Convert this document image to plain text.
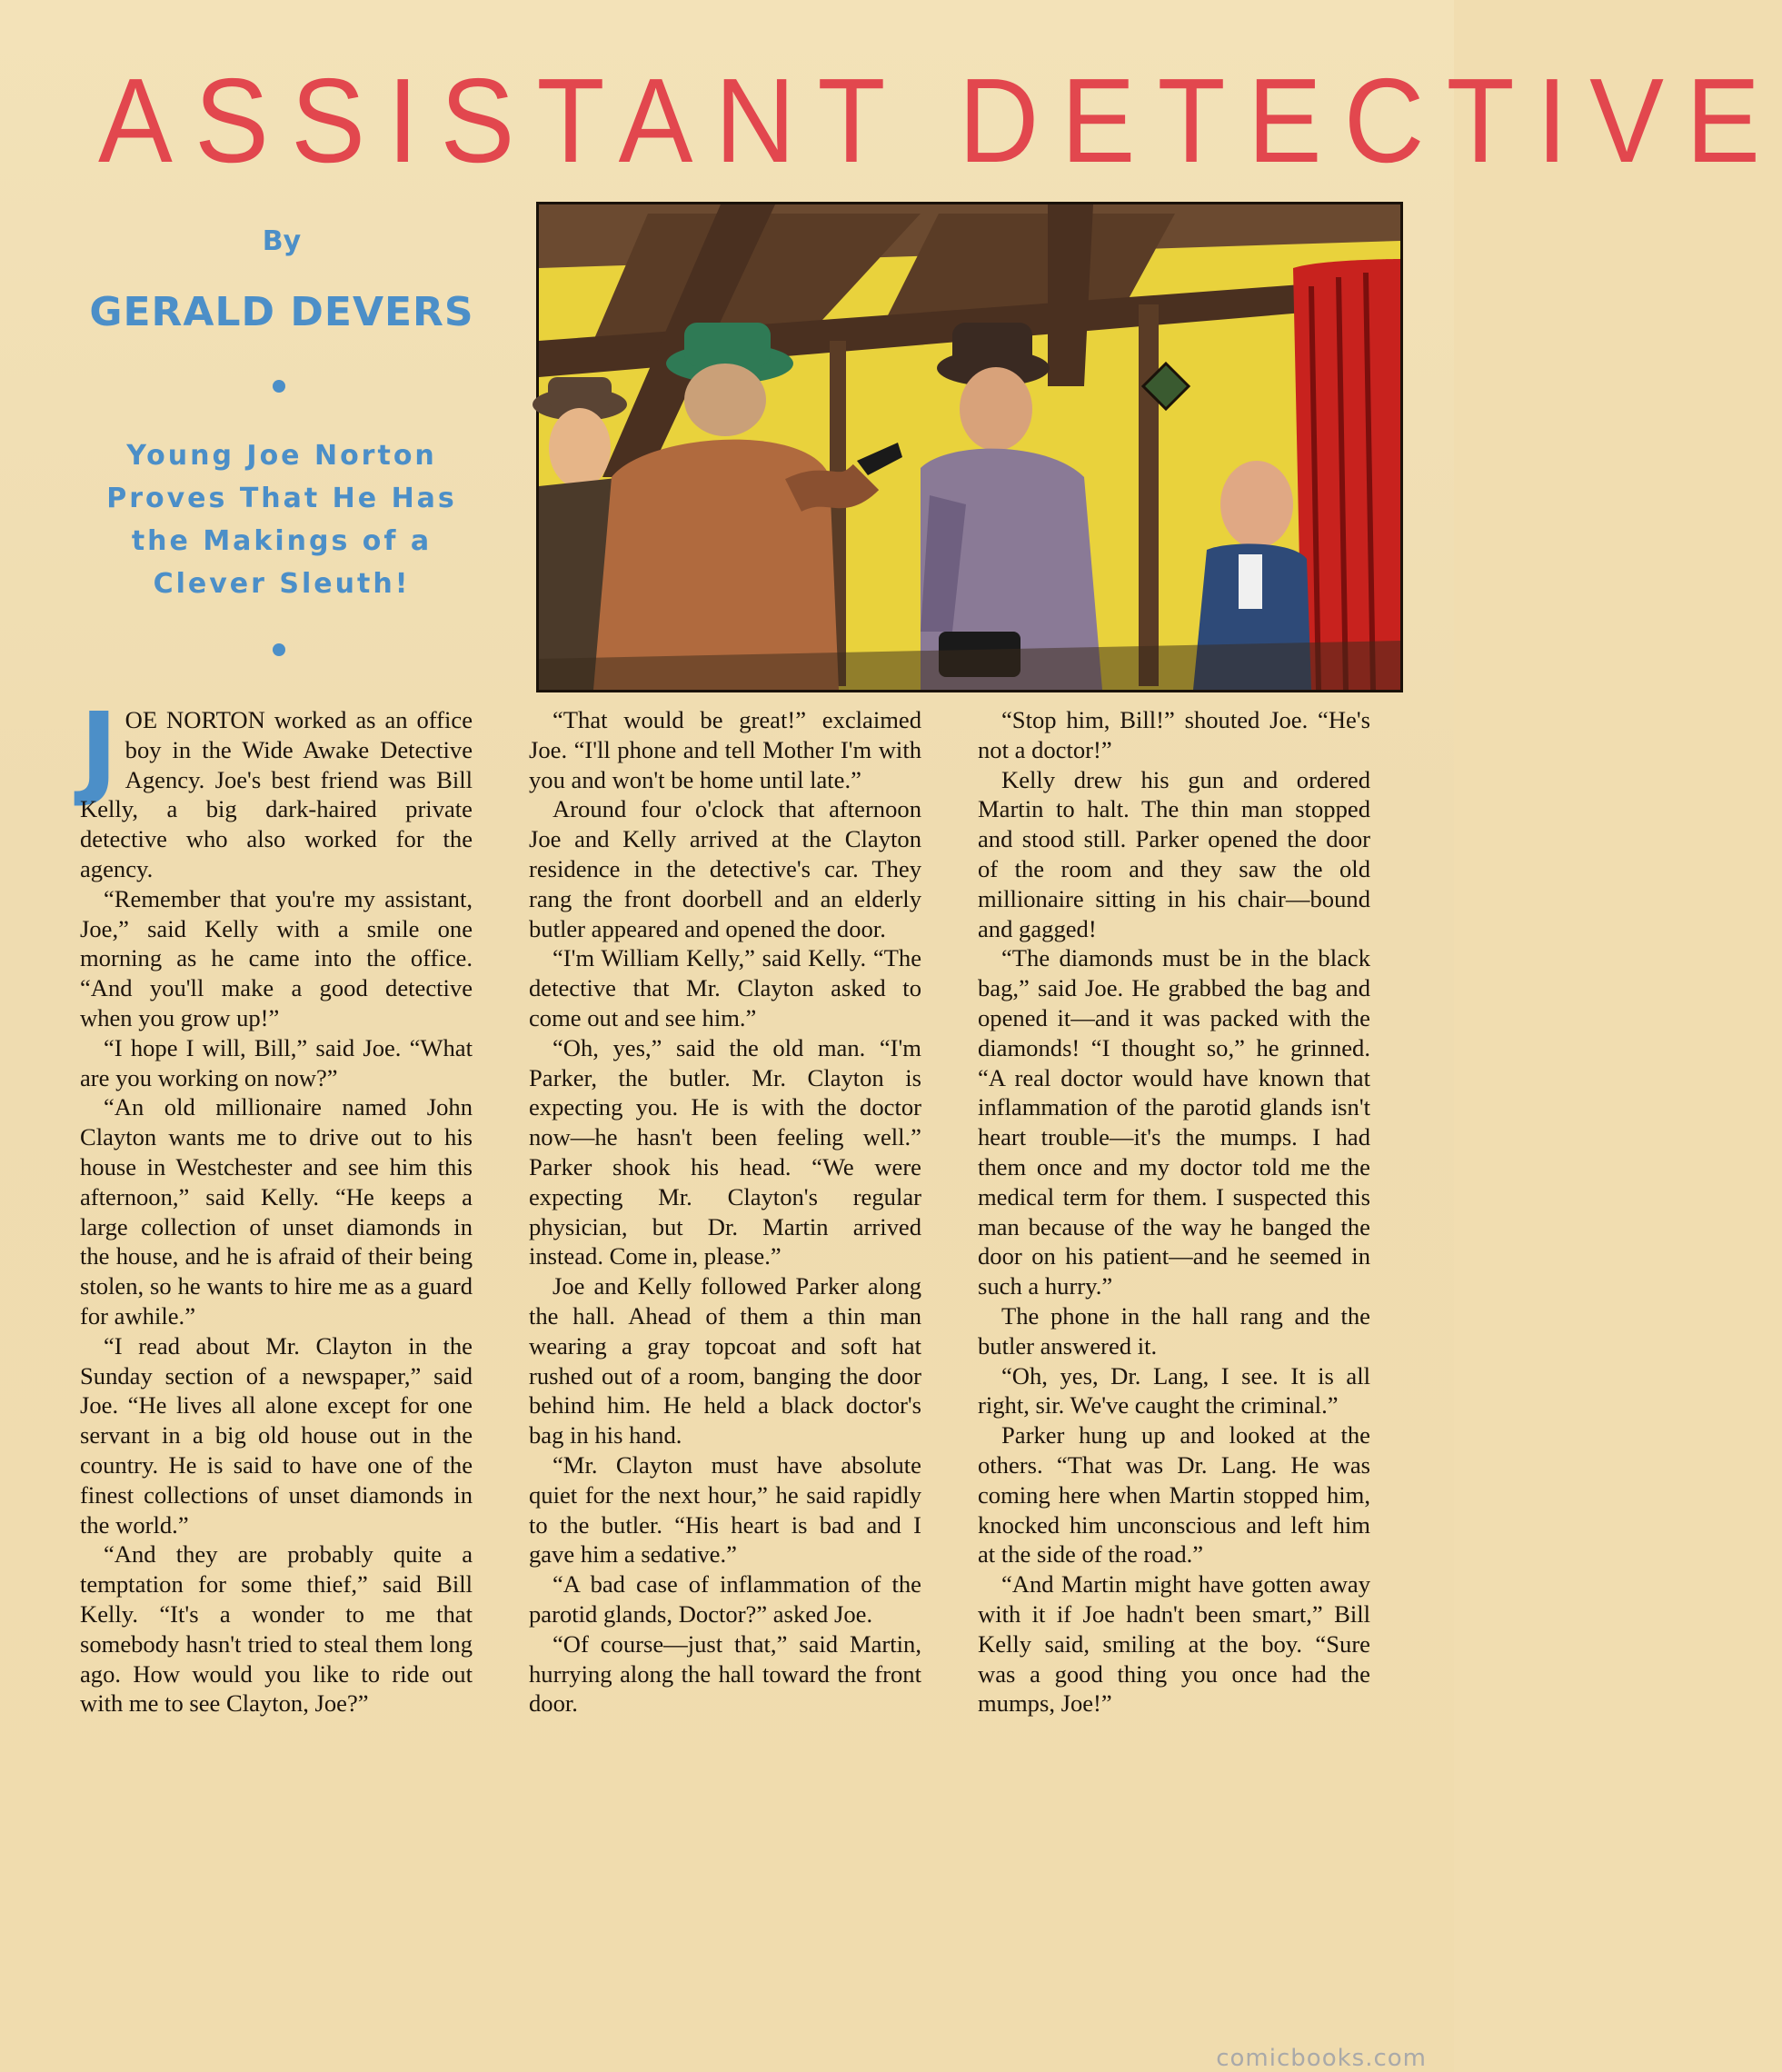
ASSISTANT DETECTIVE
By
GERALD DEVERS
Young Joe Norton
Proves That He Has
the Makings of a
Clever Sleuth!

JOE NORTON worked as an office boy in the Wide Awake Detective Agency. Joe's best friend was Bill Kelly, a big dark-haired private detective who also worked for the agency.

“Remember that you're my assistant, Joe,” said Kelly with a smile one morning as he came into the office. “And you'll make a good detective when you grow up!”

“I hope I will, Bill,” said Joe. “What are you working on now?”

“An old millionaire named John Clayton wants me to drive out to his house in Westchester and see him this afternoon,” said Kelly. “He keeps a large collection of unset diamonds in the house, and he is afraid of their being stolen, so he wants to hire me as a guard for awhile.”

“I read about Mr. Clayton in the Sunday section of a newspaper,” said Joe. “He lives all alone except for one servant in a big old house out in the country. He is said to have one of the finest collections of unset diamonds in the world.”

“And they are probably quite a temptation for some thief,” said Bill Kelly. “It's a wonder to me that somebody hasn't tried to steal them long ago. How would you like to ride out with me to see Clayton, Joe?”

“That would be great!” exclaimed Joe. “I'll phone and tell Mother I'm with you and won't be home until late.”

Around four o'clock that afternoon Joe and Kelly arrived at the Clayton residence in the detective's car. They rang the front doorbell and an elderly butler appeared and opened the door.

“I'm William Kelly,” said Kelly. “The detective that Mr. Clayton asked to come out and see him.”

“Oh, yes,” said the old man. “I'm Parker, the butler. Mr. Clayton is expecting you. He is with the doctor now—he hasn't been feeling well.” Parker shook his head. “We were expecting Mr. Clayton's regular physician, but Dr. Martin arrived instead. Come in, please.”

Joe and Kelly followed Parker along the hall. Ahead of them a thin man wearing a gray topcoat and soft hat rushed out of a room, banging the door behind him. He held a black doctor's bag in his hand.

“Mr. Clayton must have absolute quiet for the next hour,” he said rapidly to the butler. “His heart is bad and I gave him a sedative.”

“A bad case of inflammation of the parotid glands, Doctor?” asked Joe.

“Of course—just that,” said Martin, hurrying along the hall toward the front door.

“Stop him, Bill!” shouted Joe. “He's not a doctor!”

Kelly drew his gun and ordered Martin to halt. The thin man stopped and stood still. Parker opened the door of the room and they saw the old millionaire sitting in his chair—bound and gagged!

“The diamonds must be in the black bag,” said Joe. He grabbed the bag and opened it—and it was packed with the diamonds! “I thought so,” he grinned. “A real doctor would have known that inflammation of the parotid glands isn't heart trouble—it's the mumps. I had them once and my doctor told me the medical term for them. I suspected this man because of the way he banged the door on his patient—and he seemed in such a hurry.”

The phone in the hall rang and the butler answered it.

“Oh, yes, Dr. Lang, I see. It is all right, sir. We've caught the criminal.”

Parker hung up and looked at the others. “That was Dr. Lang. He was coming here when Martin stopped him, knocked him unconscious and left him at the side of the road.”

“And Martin might have gotten away with it if Joe hadn't been smart,” Bill Kelly said, smiling at the boy. “Sure was a good thing you once had the mumps, Joe!”

comicbooks.com
